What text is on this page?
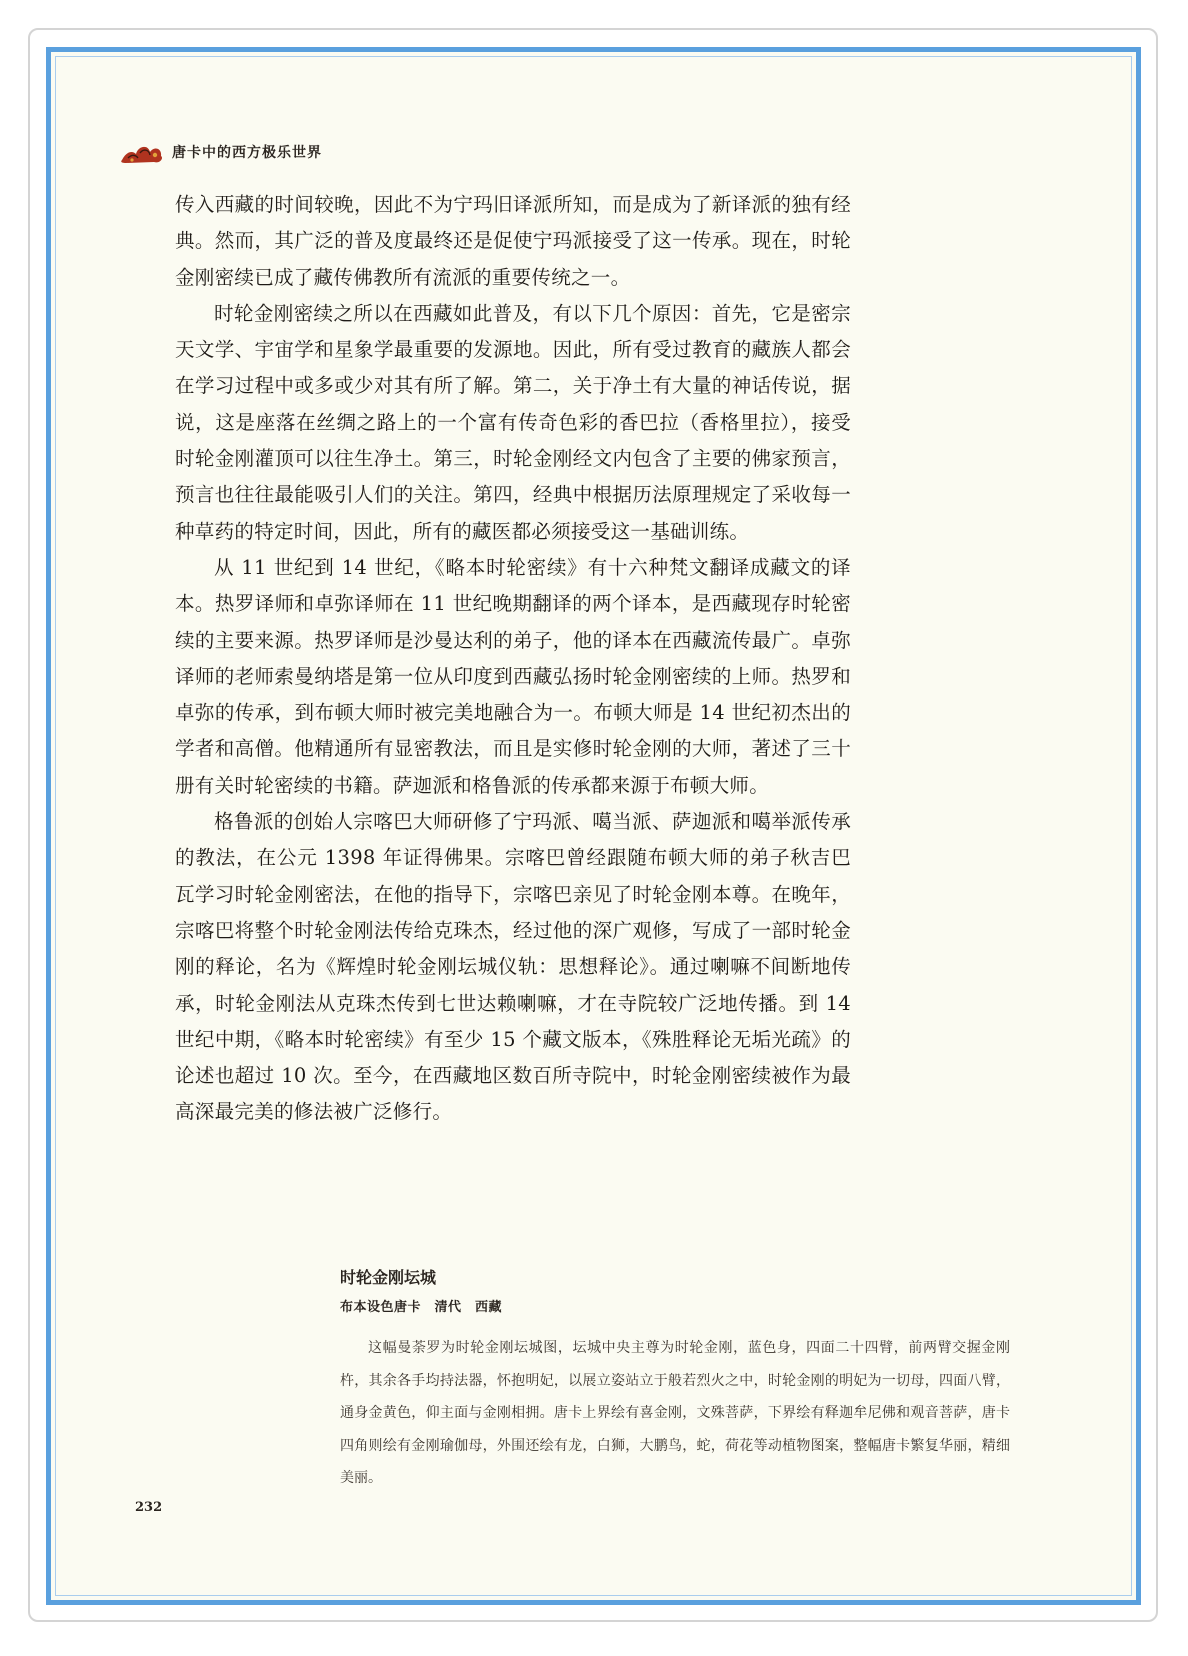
唐卡中的西方极乐世界

传入西藏的时间较晚，因此不为宁玛旧译派所知，而是成为了新译派的独有经典。然而，其广泛的普及度最终还是促使宁玛派接受了这一传承。现在，时轮金刚密续已成了藏传佛教所有流派的重要传统之一。

时轮金刚密续之所以在西藏如此普及，有以下几个原因：首先，它是密宗天文学、宇宙学和星象学最重要的发源地。因此，所有受过教育的藏族人都会在学习过程中或多或少对其有所了解。第二，关于净土有大量的神话传说，据说，这是座落在丝绸之路上的一个富有传奇色彩的香巴拉（香格里拉），接受时轮金刚灌顶可以往生净土。第三，时轮金刚经文内包含了主要的佛家预言，预言也往往最能吸引人们的关注。第四，经典中根据历法原理规定了采收每一种草药的特定时间，因此，所有的藏医都必须接受这一基础训练。

从 11 世纪到 14 世纪，《略本时轮密续》有十六种梵文翻译成藏文的译本。热罗译师和卓弥译师在 11 世纪晚期翻译的两个译本，是西藏现存时轮密续的主要来源。热罗译师是沙曼达利的弟子，他的译本在西藏流传最广。卓弥译师的老师索曼纳塔是第一位从印度到西藏弘扬时轮金刚密续的上师。热罗和卓弥的传承，到布顿大师时被完美地融合为一。布顿大师是 14 世纪初杰出的学者和高僧。他精通所有显密教法，而且是实修时轮金刚的大师，著述了三十册有关时轮密续的书籍。萨迦派和格鲁派的传承都来源于布顿大师。

格鲁派的创始人宗喀巴大师研修了宁玛派、噶当派、萨迦派和噶举派传承的教法，在公元 1398 年证得佛果。宗喀巴曾经跟随布顿大师的弟子秋吉巴瓦学习时轮金刚密法，在他的指导下，宗喀巴亲见了时轮金刚本尊。在晚年，宗喀巴将整个时轮金刚法传给克珠杰，经过他的深广观修，写成了一部时轮金刚的释论，名为《辉煌时轮金刚坛城仪轨：思想释论》。通过喇嘛不间断地传承，时轮金刚法从克珠杰传到七世达赖喇嘛，才在寺院较广泛地传播。到 14 世纪中期，《略本时轮密续》有至少 15 个藏文版本，《殊胜释论无垢光疏》的论述也超过 10 次。至今，在西藏地区数百所寺院中，时轮金刚密续被作为最高深最完美的修法被广泛修行。

时轮金刚坛城
布本设色唐卡　清代　西藏

这幅曼荼罗为时轮金刚坛城图，坛城中央主尊为时轮金刚，蓝色身，四面二十四臂，前两臂交握金刚杵，其余各手均持法器，怀抱明妃，以展立姿站立于般若烈火之中，时轮金刚的明妃为一切母，四面八臂，通身金黄色，仰主面与金刚相拥。唐卡上界绘有喜金刚，文殊菩萨，下界绘有释迦牟尼佛和观音菩萨，唐卡四角则绘有金刚瑜伽母，外围还绘有龙，白狮，大鹏鸟，蛇，荷花等动植物图案，整幅唐卡繁复华丽，精细美丽。

232
